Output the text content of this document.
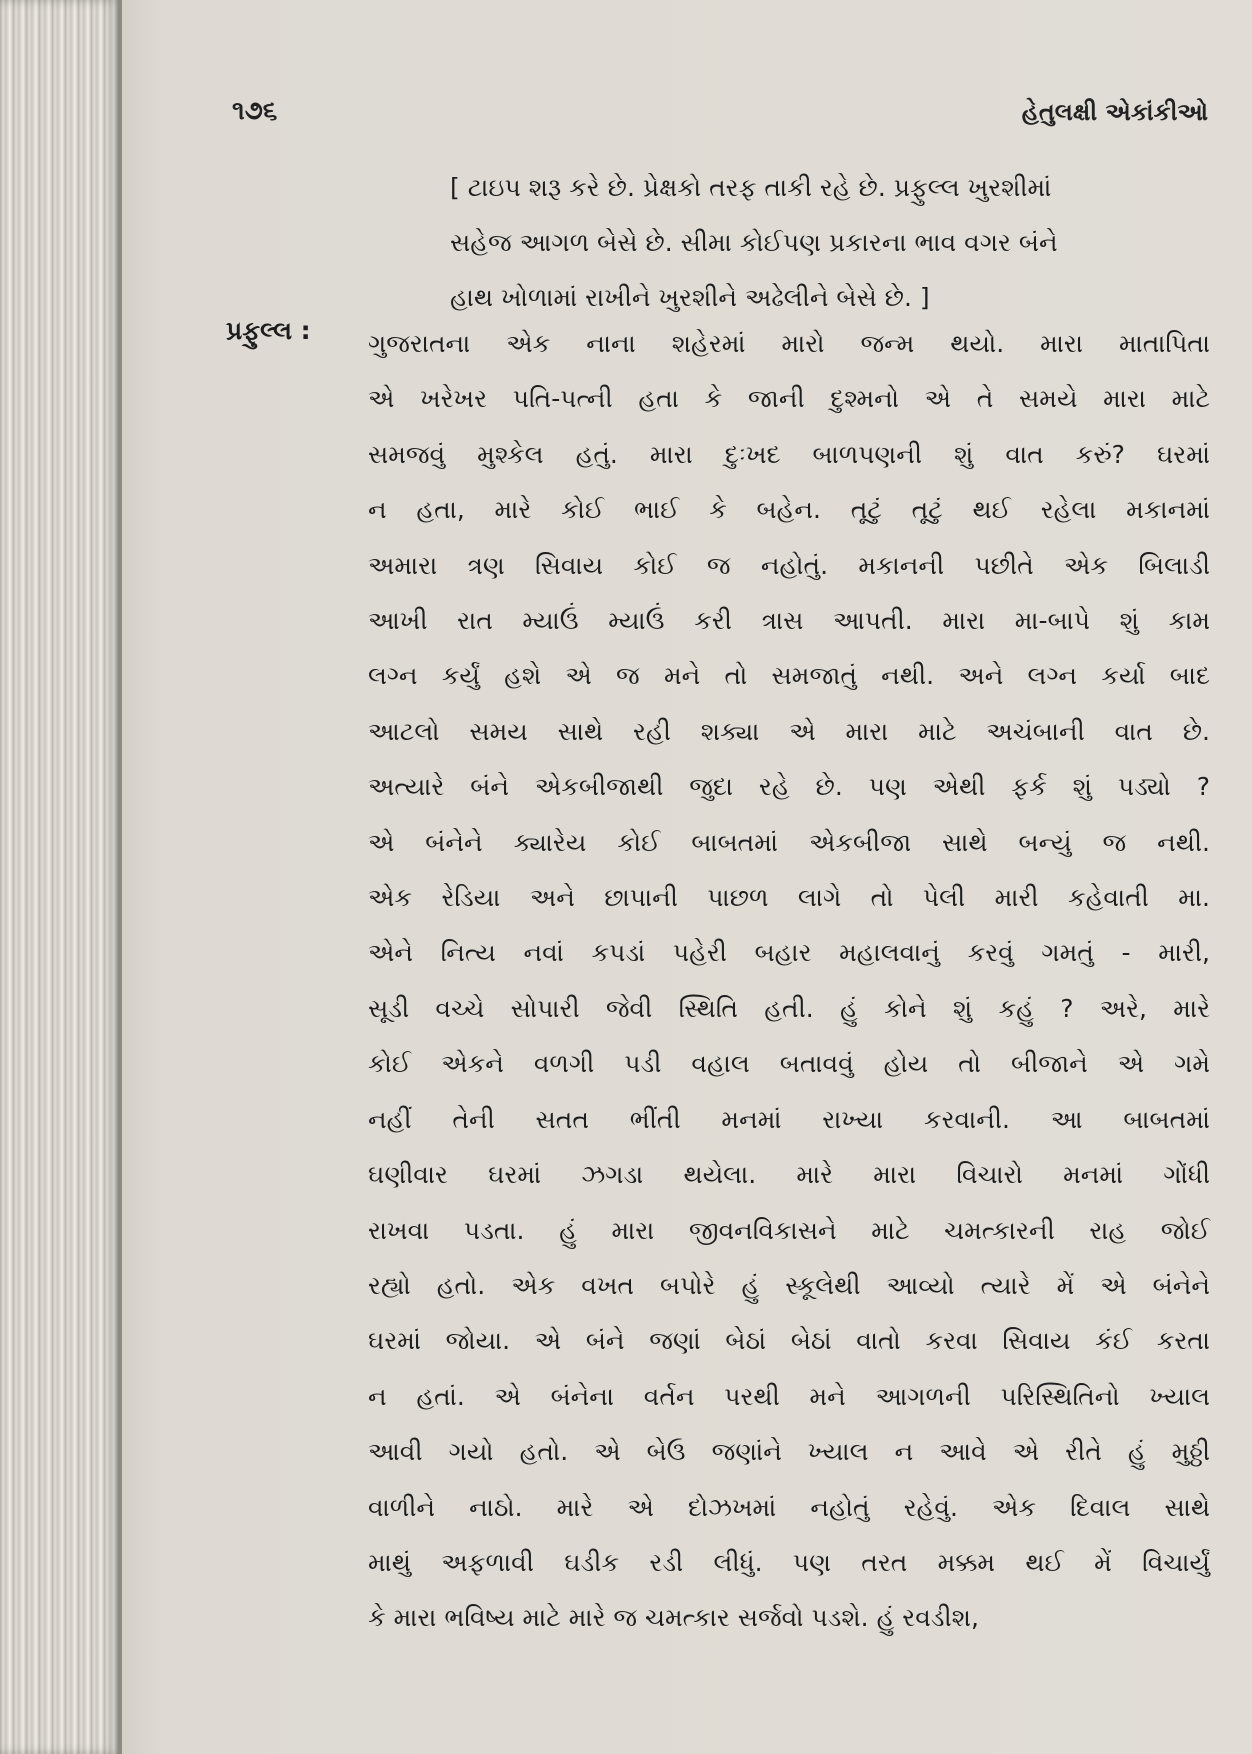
૧૭૬	હેતુલક્ષી એકાંકીઓ
[ ટાઇપ શરૂ કરે છે. પ્રેક્ષકો તરફ તાકી રહે છે. પ્રફુલ્લ ખુરશીમાં
સહેજ આગળ બેસે છે. સીમા કોઈપણ પ્રકારના ભાવ વગર બંને
હાથ ખોળામાં રાખીને ખુરશીને અઢેલીને બેસે છે. ]
પ્રફુલ્લ : ગુજરાતના એક નાના શહેરમાં મારો જન્મ થયો. મારા માતાપિતા
એ ખરેખર પતિ-પત્ની હતા કે જાની દુશ્મનો એ તે સમયે મારા માટે
સમજવું મુશ્કેલ હતું. મારા દુઃખદ બાળપણની શું વાત કરું? ઘરમાં
ન હતા, મારે કોઈ ભાઈ કે બહેન. તૂટું તૂટું થઈ રહેલા મકાનમાં
અમારા ત્રણ સિવાય કોઈ જ નહોતું. મકાનની પછીતે એક બિલાડી
આખી રાત મ્યાઉં મ્યાઉં કરી ત્રાસ આપતી. મારા મા-બાપે શું કામ
લગ્ન કર્યું હશે એ જ મને તો સમજાતું નથી. અને લગ્ન કર્યા બાદ
આટલો સમય સાથે રહી શક્યા એ મારા માટે અચંબાની વાત છે.
અત્યારે બંને એકબીજાથી જુદા રહે છે. પણ એથી ફર્ક શું પડ્યો ?
એ બંનેને ક્યારેય કોઈ બાબતમાં એકબીજા સાથે બન્યું જ નથી.
એક રેડિયા અને છાપાની પાછળ લાગે તો પેલી મારી કહેવાતી મા.
એને નિત્ય નવાં કપડાં પહેરી બહાર મહાલવાનું કરવું ગમતું - મારી,
સૂડી વચ્ચે સોપારી જેવી સ્થિતિ હતી. હું કોને શું કહું ? અરે, મારે
કોઈ એકને વળગી પડી વહાલ બતાવવું હોય તો બીજાને એ ગમે
નહીં તેની સતત ભીંતી મનમાં રાખ્યા કરવાની. આ બાબતમાં
ઘણીવાર ઘરમાં ઝગડા થયેલા. મારે મારા વિચારો મનમાં ગોંધી
રાખવા પડતા. હું મારા જીવનવિકાસને માટે ચમત્કારની રાહ જોઈ
રહ્યો હતો. એક વખત બપોરે હું સ્કૂલેથી આવ્યો ત્યારે મેં એ બંનેને
ઘરમાં જોયા. એ બંને જણાં બેઠાં બેઠાં વાતો કરવા સિવાય કંઈ કરતા
ન હતાં. એ બંનેના વર્તન પરથી મને આગળની પરિસ્થિતિનો ખ્યાલ
આવી ગયો હતો. એ બેઉ જણાંને ખ્યાલ ન આવે એ રીતે હું મુઠ્ઠી
વાળીને નાઠો. મારે એ દોઝખમાં નહોતું રહેવું. એક દિવાલ સાથે
માથું અફળાવી ઘડીક રડી લીધું. પણ તરત મક્કમ થઈ મેં વિચાર્યું
કે મારા ભવિષ્ય માટે મારે જ ચમત્કાર સર્જવો પડશે. હું રવડીશ,
